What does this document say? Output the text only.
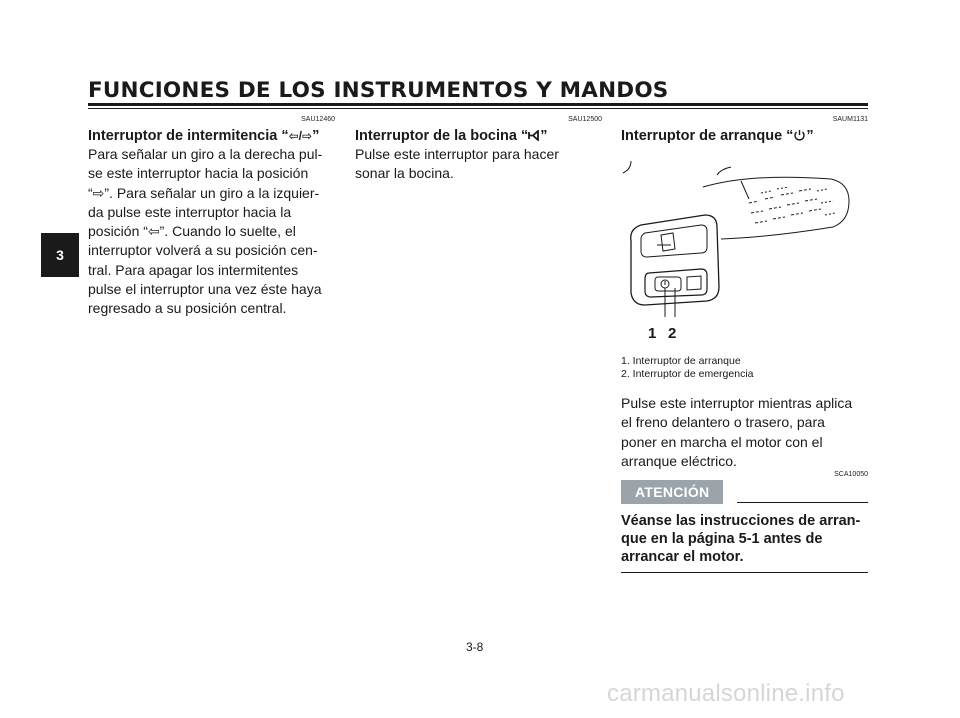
FUNCIONES DE LOS INSTRUMENTOS Y MANDOS
3
SAU12460
Interruptor de intermitencia “⇦/⇨”
Para señalar un giro a la derecha pul-
se este interruptor hacia la posición
“⇨”. Para señalar un giro a la izquier-
da pulse este interruptor hacia la
posición “⇦”. Cuando lo suelte, el
interruptor volverá a su posición cen-
tral. Para apagar los intermitentes
pulse el interruptor una vez éste haya
regresado a su posición central.
SAU12500
Interruptor de la bocina “ ”
Pulse este interruptor para hacer
sonar la bocina.
SAUM1131
Interruptor de arranque “ ”
1 2
1. Interruptor de arranque
2. Interruptor de emergencia
Pulse este interruptor mientras aplica
el freno delantero o trasero, para
poner en marcha el motor con el
arranque eléctrico.
SCA10050
ATENCIÓN
Véanse las instrucciones de arran-
que en la página 5-1 antes de
arrancar el motor.
3-8
carmanualsonline.info
